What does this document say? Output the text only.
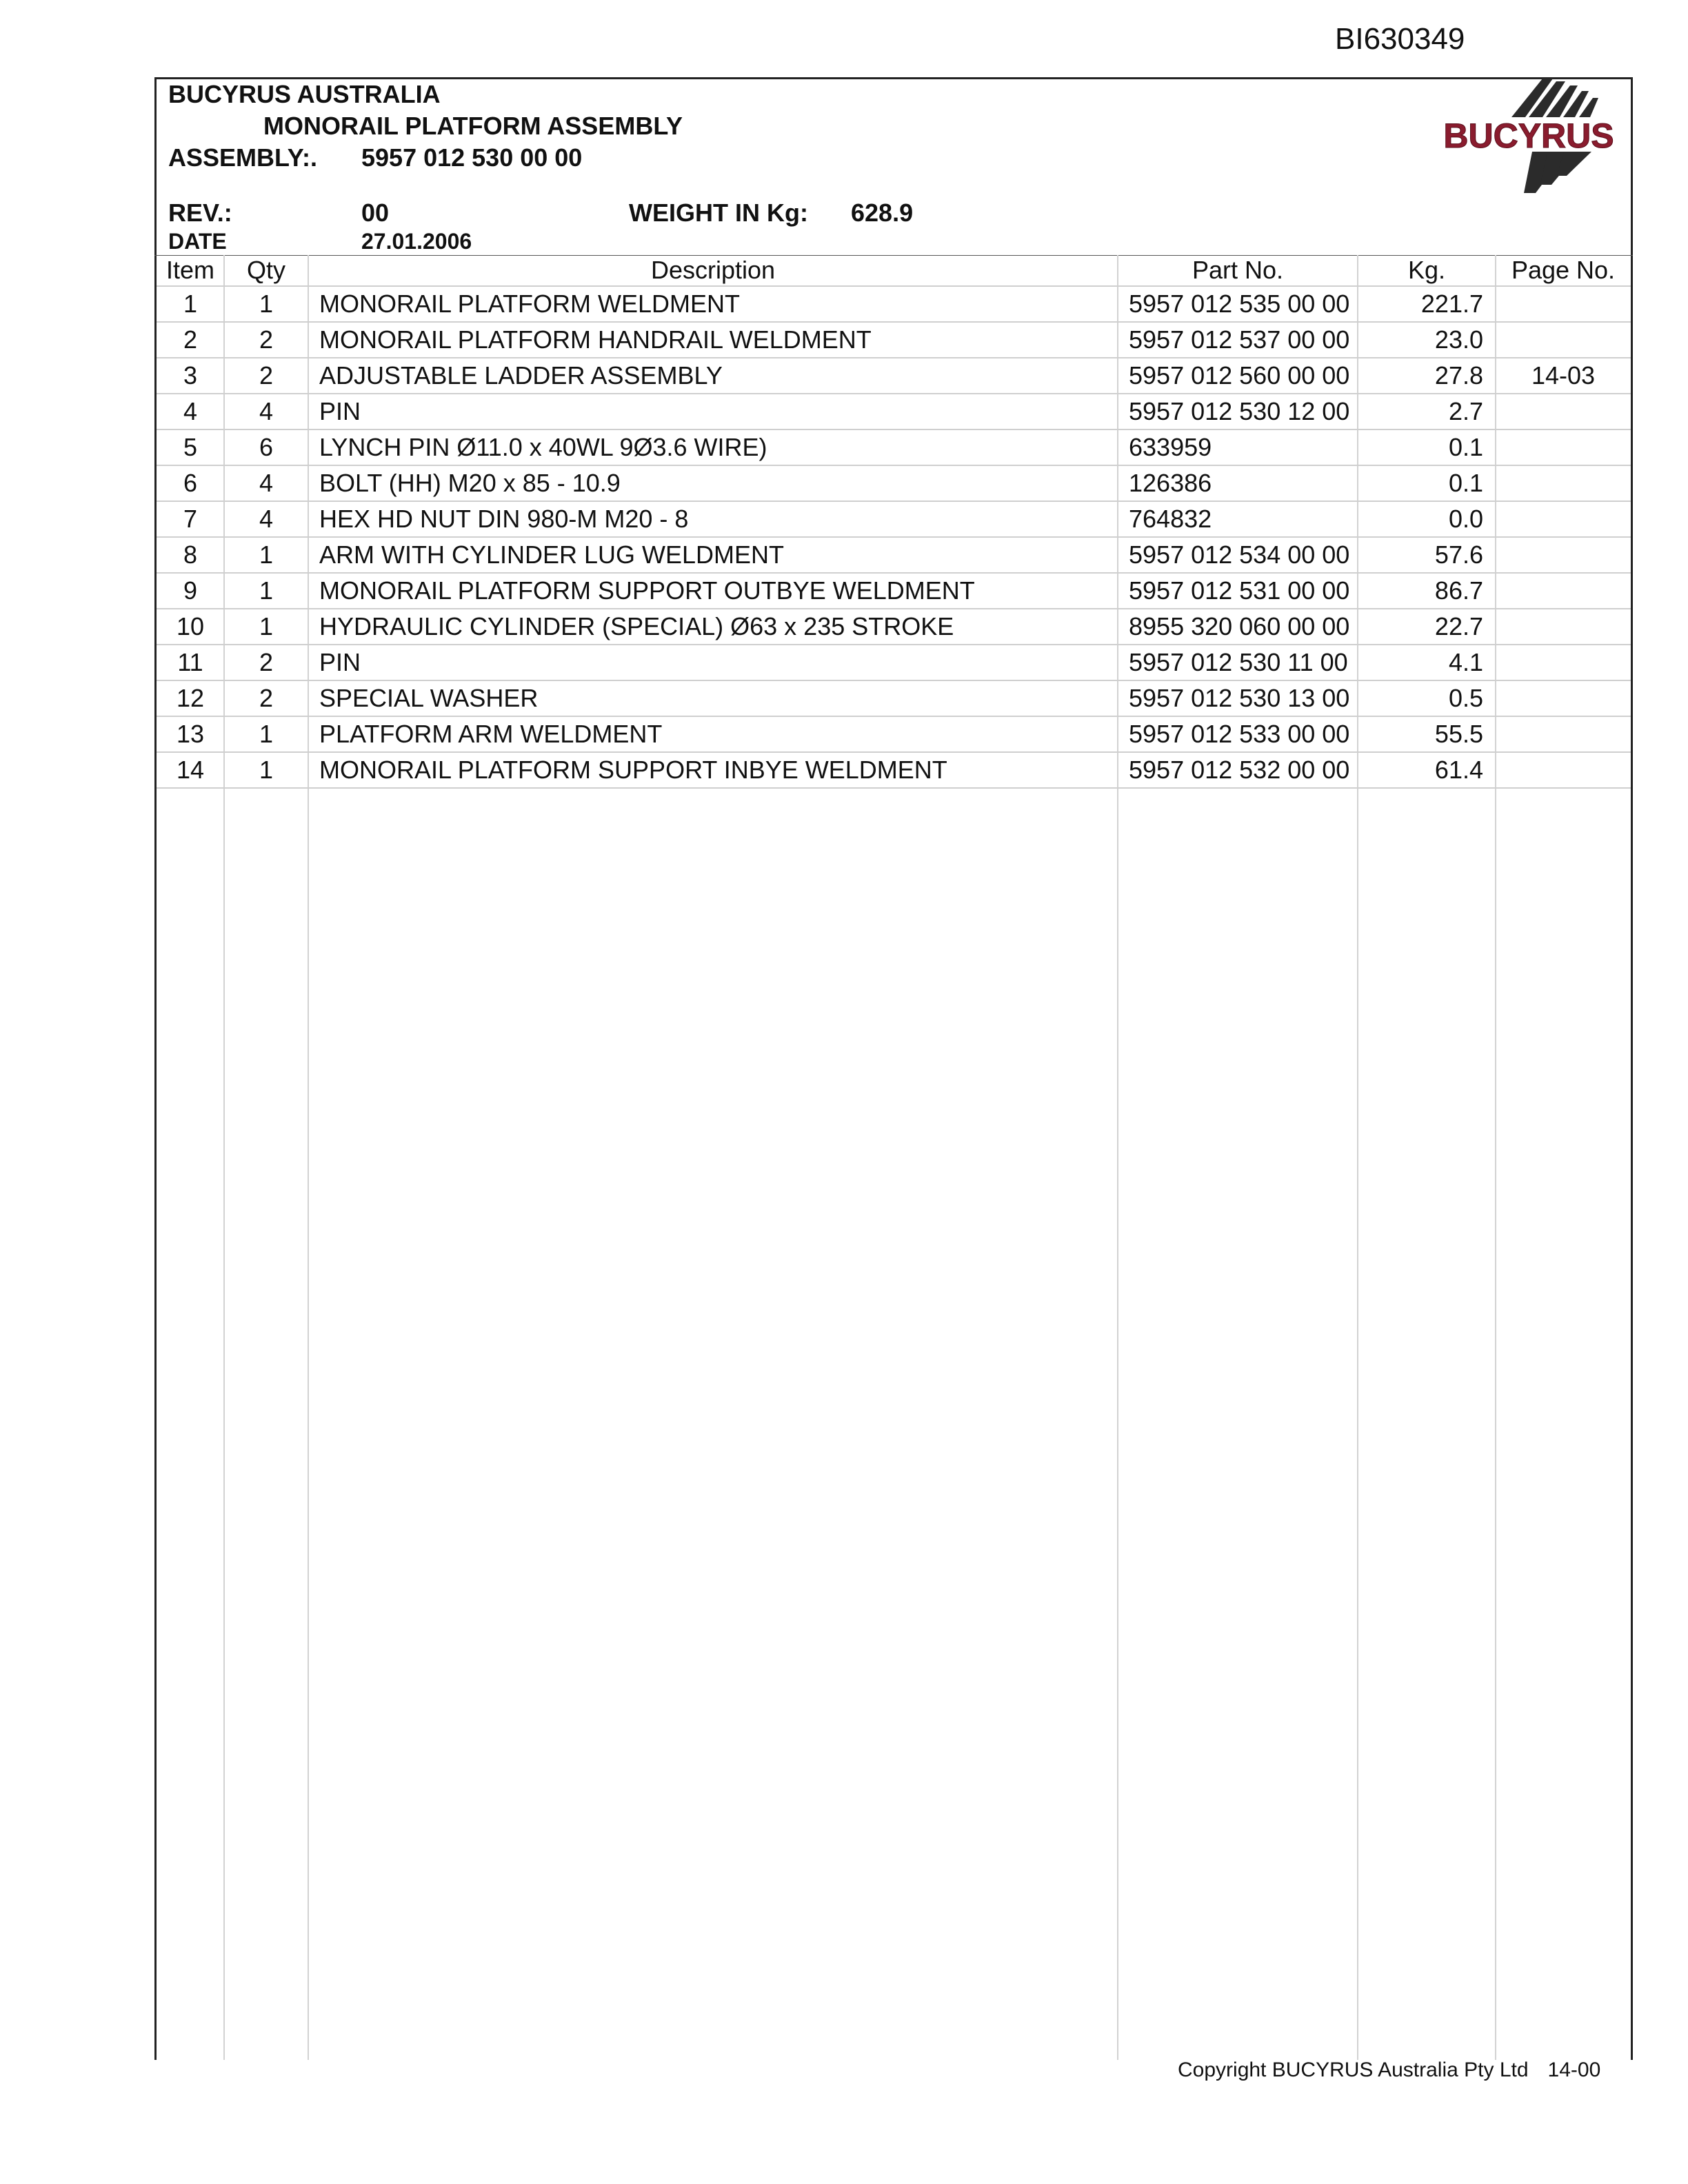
BI630349
BUCYRUS AUSTRALIA
MONORAIL PLATFORM ASSEMBLY
ASSEMBLY:. 5957 012 530 00 00
REV.:	00	WEIGHT IN Kg: 628.9
DATE	27.01.2006
BUCYRUS
Item	Qty	Description	Part No.	Kg.	Page No.
1	1	MONORAIL PLATFORM WELDMENT	5957 012 535 00 00	221.7
2	2	MONORAIL PLATFORM HANDRAIL WELDMENT	5957 012 537 00 00	23.0
3	2	ADJUSTABLE LADDER ASSEMBLY	5957 012 560 00 00	27.8	14-03
4	4	PIN	5957 012 530 12 00	2.7
5	6	LYNCH PIN Ø11.0 x 40WL 9Ø3.6 WIRE)	633959	0.1
6	4	BOLT (HH) M20 x 85 - 10.9	126386	0.1
7	4	HEX HD NUT DIN 980-M M20 - 8	764832	0.0
8	1	ARM WITH CYLINDER LUG WELDMENT	5957 012 534 00 00	57.6
9	1	MONORAIL PLATFORM SUPPORT OUTBYE WELDMENT	5957 012 531 00 00	86.7
10	1	HYDRAULIC CYLINDER (SPECIAL) Ø63 x 235 STROKE	8955 320 060 00 00	22.7
11	2	PIN	5957 012 530 11 00	4.1
12	2	SPECIAL WASHER	5957 012 530 13 00	0.5
13	1	PLATFORM ARM WELDMENT	5957 012 533 00 00	55.5
14	1	MONORAIL PLATFORM SUPPORT INBYE WELDMENT	5957 012 532 00 00	61.4
Copyright BUCYRUS Australia Pty Ltd 14-00
